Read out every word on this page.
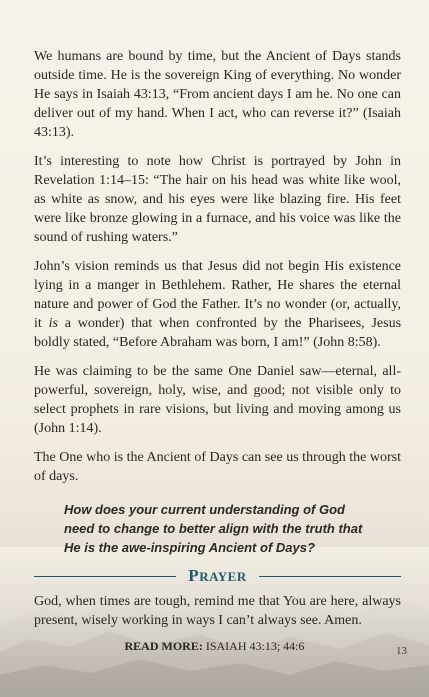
We humans are bound by time, but the Ancient of Days stands outside time. He is the sovereign King of everything. No wonder He says in Isaiah 43:13, “From ancient days I am he. No one can deliver out of my hand. When I act, who can reverse it?” (Isaiah 43:13).

It’s interesting to note how Christ is portrayed by John in Revelation 1:14–15: “The hair on his head was white like wool, as white as snow, and his eyes were like blazing fire. His feet were like bronze glowing in a furnace, and his voice was like the sound of rushing waters.”

John’s vision reminds us that Jesus did not begin His existence lying in a manger in Bethlehem. Rather, He shares the eternal nature and power of God the Father. It’s no wonder (or, actually, it is a wonder) that when confronted by the Pharisees, Jesus boldly stated, “Before Abraham was born, I am!” (John 8:58).

He was claiming to be the same One Daniel saw—eternal, all-powerful, sovereign, holy, wise, and good; not visible only to select prophets in rare visions, but living and moving among us (John 1:14).

The One who is the Ancient of Days can see us through the worst of days.

How does your current understanding of God need to change to better align with the truth that He is the awe-inspiring Ancient of Days?
PRAYER
God, when times are tough, remind me that You are here, always present, wisely working in ways I can’t always see. Amen.
READ MORE: ISAIAH 43:13; 44:6	13
